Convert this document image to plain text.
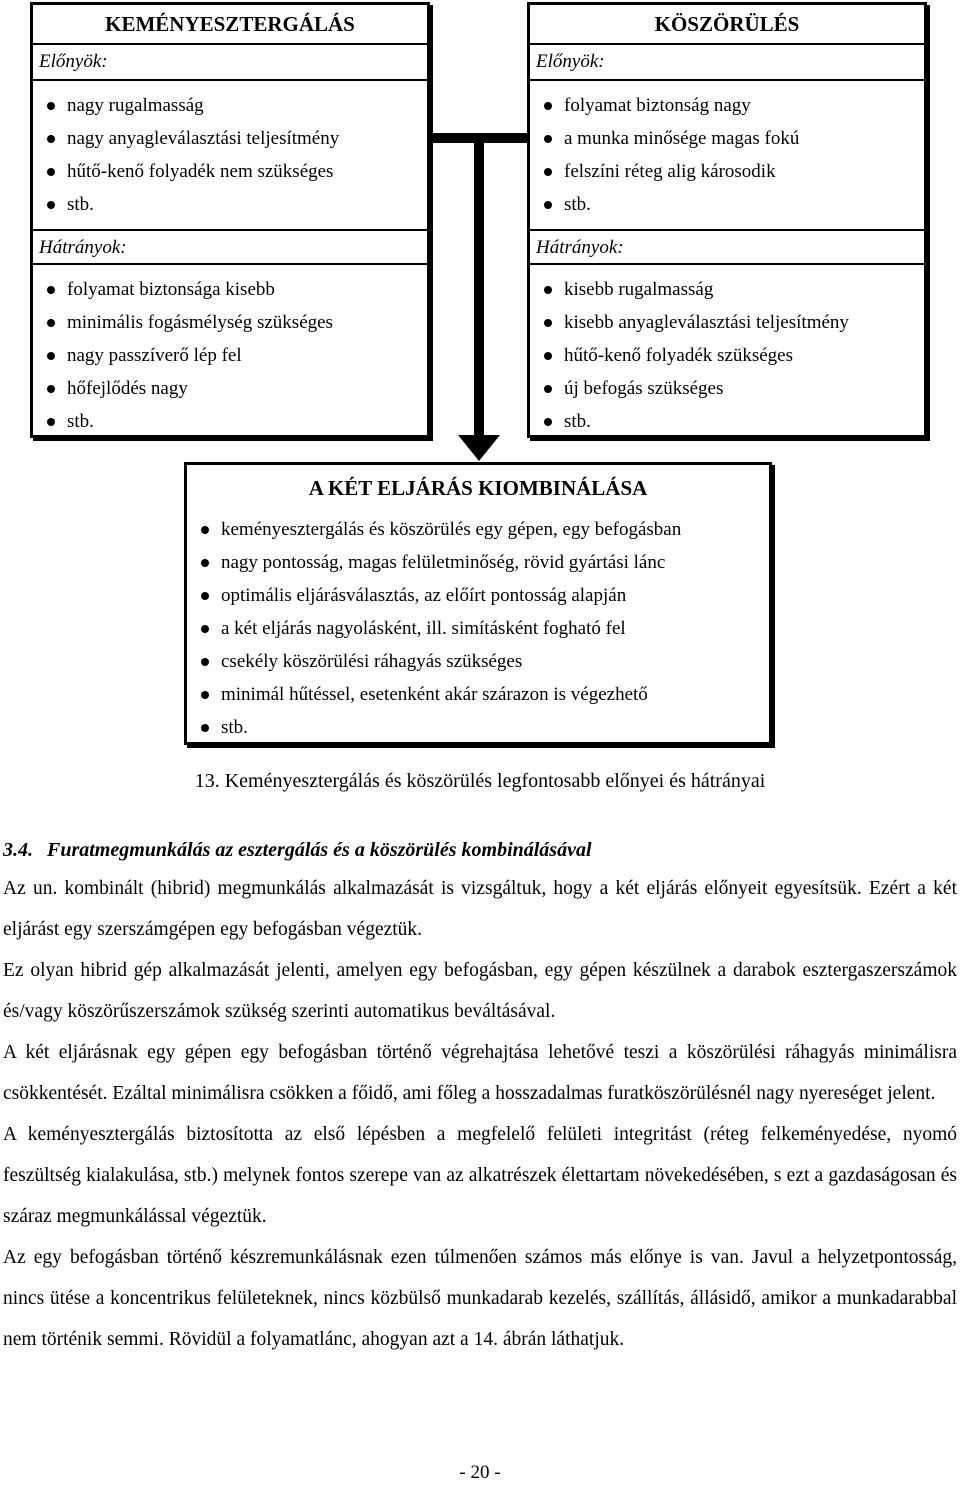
KEMÉNYESZTERGÁLÁS
Előnyök:
nagy rugalmasság
nagy anyagleválasztási teljesítmény
hűtő-kenő folyadék nem szükséges
stb.
Hátrányok:
folyamat biztonsága kisebb
minimális fogásmélység szükséges
nagy passzíverő lép fel
hőfejlődés nagy
stb.
KÖSZÖRÜLÉS
Előnyök:
folyamat biztonság nagy
a munka minősége magas fokú
felszíni réteg alig károsodik
stb.
Hátrányok:
kisebb rugalmasság
kisebb anyagleválasztási teljesítmény
hűtő-kenő folyadék szükséges
új befogás szükséges
stb.
A KÉT ELJÁRÁS KIOMBINÁLÁSA
keményesztergálás és köszörülés egy gépen, egy befogásban
nagy pontosság, magas felületminőség, rövid gyártási lánc
optimális eljárásválasztás, az előírt pontosság alapján
a két eljárás nagyolásként, ill. simításként fogható fel
csekély köszörülési ráhagyás szükséges
minimál hűtéssel, esetenként akár szárazon is végezhető
stb.
13. Keményesztergálás és köszörülés legfontosabb előnyei és hátrányai
3.4. Furatmegmunkálás az esztergálás és a köszörülés kombinálásával

Az un. kombinált (hibrid) megmunkálás alkalmazását is vizsgáltuk, hogy a két eljárás előnyeit egyesítsük. Ezért a két eljárást egy szerszámgépen egy befogásban végeztük.

Ez olyan hibrid gép alkalmazását jelenti, amelyen egy befogásban, egy gépen készülnek a darabok esztergaszerszámok és/vagy köszörűszerszámok szükség szerinti automatikus beváltásával.

A két eljárásnak egy gépen egy befogásban történő végrehajtása lehetővé teszi a köszörülési ráhagyás minimálisra csökkentését. Ezáltal minimálisra csökken a főidő, ami főleg a hosszadalmas furatköszörülésnél nagy nyereséget jelent.

A keményesztergálás biztosította az első lépésben a megfelelő felületi integritást (réteg felkeményedése, nyomó feszültség kialakulása, stb.) melynek fontos szerepe van az alkatrészek élettartam növekedésében, s ezt a gazdaságosan és száraz megmunkálással végeztük.

Az egy befogásban történő készremunkálásnak ezen túlmenően számos más előnye is van. Javul a helyzetpontosság, nincs ütése a koncentrikus felületeknek, nincs közbülső munkadarab kezelés, szállítás, állásidő, amikor a munkadarabbal nem történik semmi. Rövidül a folyamatlánc, ahogyan azt a 14. ábrán láthatjuk.

- 20 -
